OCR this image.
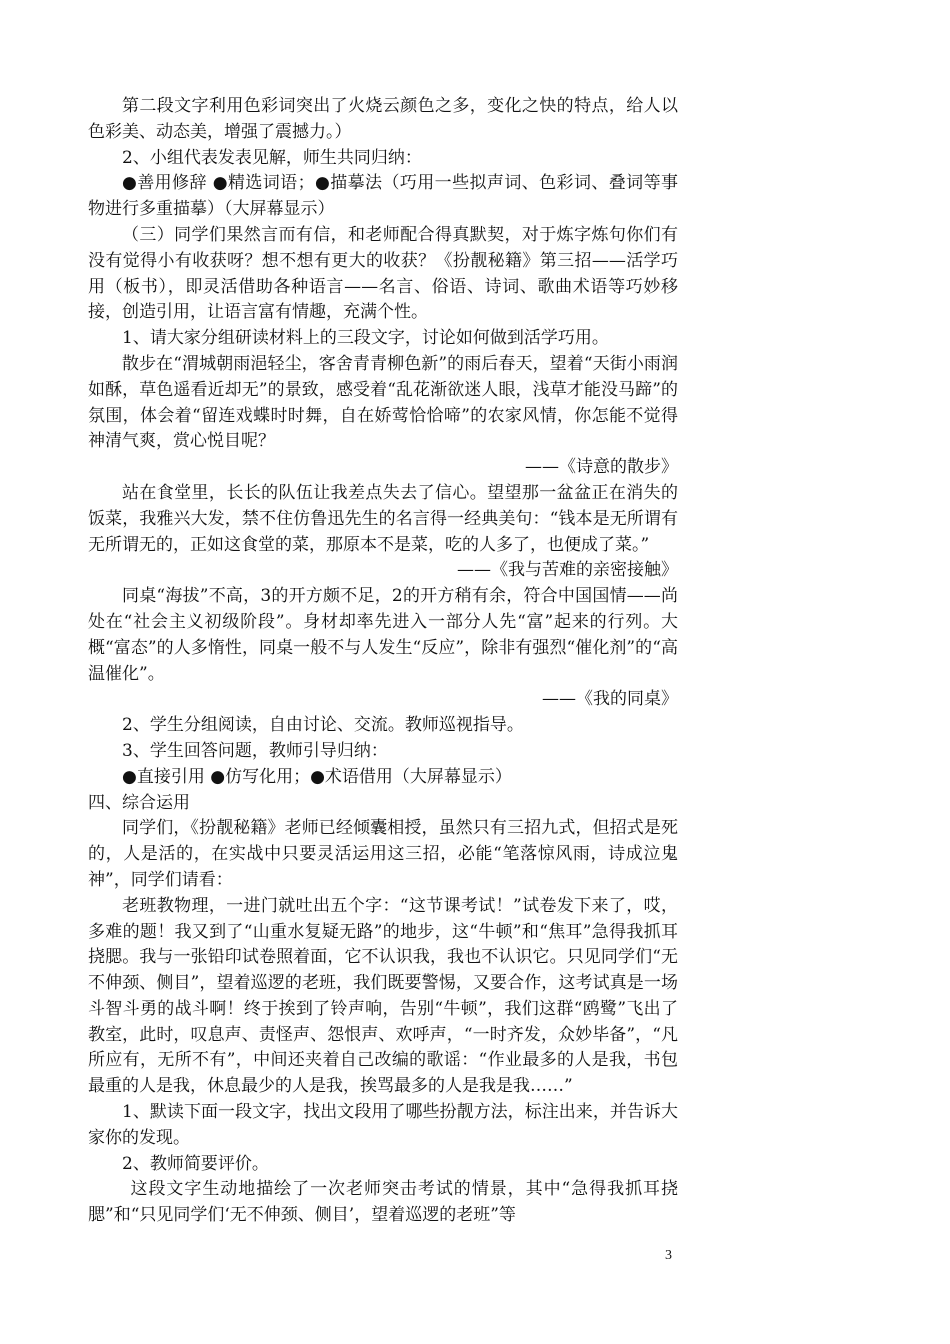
第二段文字利用色彩词突出了火烧云颜色之多，变化之快的特点，给人以色彩美、动态美，增强了震撼力。）

2、小组代表发表见解，师生共同归纳：

●善用修辞 ●精选词语；●描摹法（巧用一些拟声词、色彩词、叠词等事物进行多重描摹）（大屏幕显示）

（三）同学们果然言而有信，和老师配合得真默契，对于炼字炼句你们有没有觉得小有收获呀？想不想有更大的收获？《扮靓秘籍》第三招——活学巧用（板书），即灵活借助各种语言——名言、俗语、诗词、歌曲术语等巧妙移接，创造引用，让语言富有情趣，充满个性。

1、请大家分组研读材料上的三段文字，讨论如何做到活学巧用。

散步在“渭城朝雨浥轻尘，客舍青青柳色新”的雨后春天，望着“天街小雨润如酥，草色遥看近却无”的景致，感受着“乱花渐欲迷人眼，浅草才能没马蹄”的氛围，体会着“留连戏蝶时时舞，自在娇莺恰恰啼”的农家风情，你怎能不觉得神清气爽，赏心悦目呢？

——《诗意的散步》

站在食堂里，长长的队伍让我差点失去了信心。望望那一盆盆正在消失的饭菜，我雅兴大发，禁不住仿鲁迅先生的名言得一经典美句：“钱本是无所谓有无所谓无的，正如这食堂的菜，那原本不是菜，吃的人多了，也便成了菜。”

——《我与苦难的亲密接触》

同桌“海拔”不高，3的开方颇不足，2的开方稍有余，符合中国国情——尚处在“社会主义初级阶段”。身材却率先进入一部分人先“富”起来的行列。大概“富态”的人多惰性，同桌一般不与人发生“反应”，除非有强烈“催化剂”的“高温催化”。

——《我的同桌》

2、学生分组阅读，自由讨论、交流。教师巡视指导。

3、学生回答问题，教师引导归纳：

●直接引用 ●仿写化用；●术语借用（大屏幕显示）

四、综合运用

同学们，《扮靓秘籍》老师已经倾囊相授，虽然只有三招九式，但招式是死的，人是活的，在实战中只要灵活运用这三招，必能“笔落惊风雨，诗成泣鬼神”，同学们请看：

老班教物理，一进门就吐出五个字：“这节课考试！”试卷发下来了，哎，多难的题！我又到了“山重水复疑无路”的地步，这“牛顿”和“焦耳”急得我抓耳挠腮。我与一张铅印试卷照着面，它不认识我，我也不认识它。只见同学们“无不伸颈、侧目”，望着巡逻的老班，我们既要警惕，又要合作，这考试真是一场斗智斗勇的战斗啊！终于挨到了铃声响，告别“牛顿”，我们这群“鸥鹭”飞出了教室，此时，叹息声、责怪声、怨恨声、欢呼声，“一时齐发，众妙毕备”，“凡所应有，无所不有”，中间还夹着自己改编的歌谣：“作业最多的人是我，书包最重的人是我，休息最少的人是我，挨骂最多的人是我是我……”

1、默读下面一段文字，找出文段用了哪些扮靓方法，标注出来，并告诉大家你的发现。

2、教师简要评价。

这段文字生动地描绘了一次老师突击考试的情景，其中“急得我抓耳挠腮”和“只见同学们‘无不伸颈、侧目’，望着巡逻的老班”等

3
